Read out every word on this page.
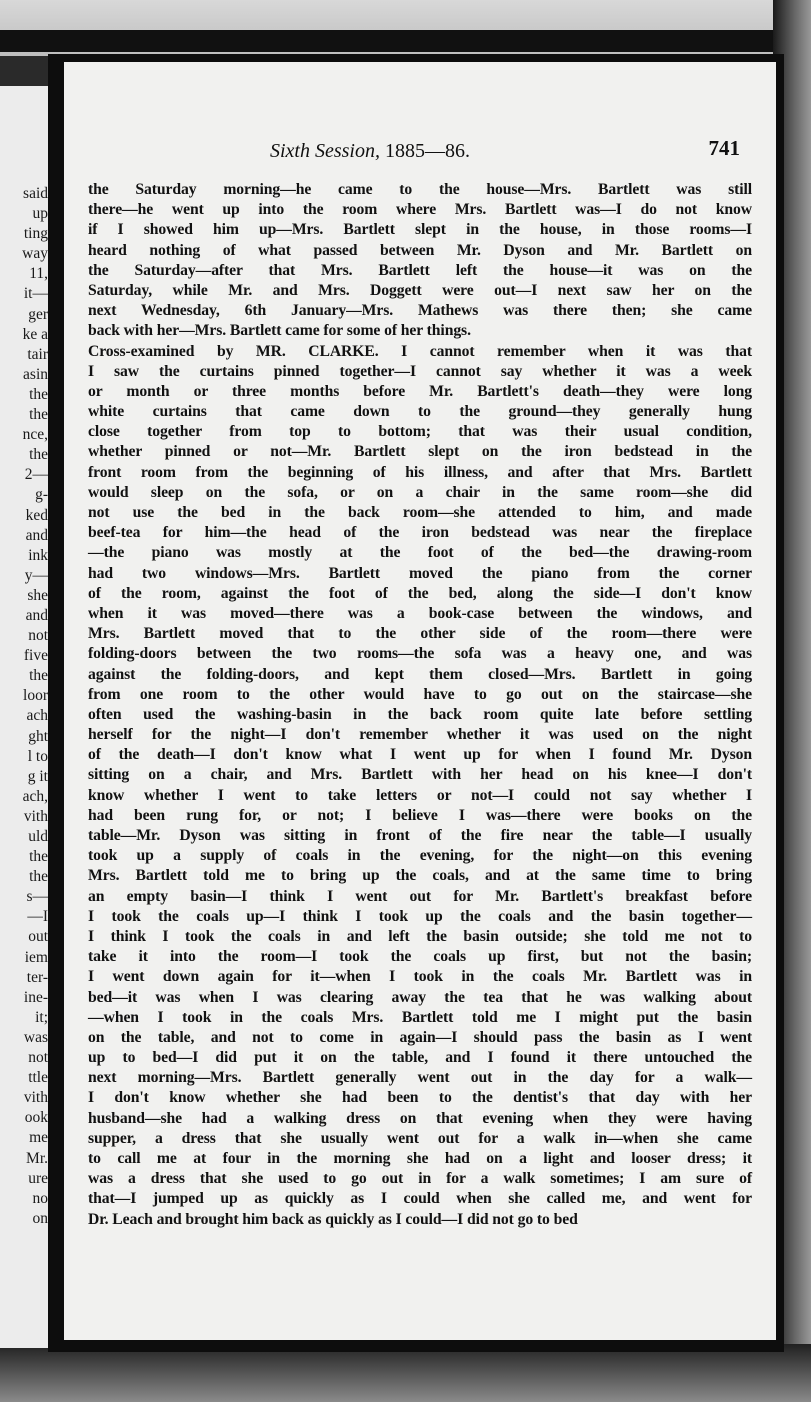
said
up
ting
way
11,
it—
ger
ke a
tair
asin
the
the
nce,
the
2—
g-
ked
and
ink
y—
she
and
not
five
the
loor
ach
ght
l to
g it
ach,
vith
uld
the
the
s—
—I
out
iem
ter-
ine-
it;
was
not
ttle
vith
ook
me
Mr.
ure
no
on
Sixth Session, 1885—86.	741
the Saturday morning—he came to the house—Mrs. Bartlett was still
there—he went up into the room where Mrs. Bartlett was—I do not know
if I showed him up—Mrs. Bartlett slept in the house, in those rooms—I
heard nothing of what passed between Mr. Dyson and Mr. Bartlett on
the Saturday—after that Mrs. Bartlett left the house—it was on the
Saturday, while Mr. and Mrs. Doggett were out—I next saw her on the
next Wednesday, 6th January—Mrs. Mathews was there then; she came
back with her—Mrs. Bartlett came for some of her things.
Cross-examined by MR. CLARKE. I cannot remember when it was that
I saw the curtains pinned together—I cannot say whether it was a week
or month or three months before Mr. Bartlett's death—they were long
white curtains that came down to the ground—they generally hung
close together from top to bottom; that was their usual condition,
whether pinned or not—Mr. Bartlett slept on the iron bedstead in the
front room from the beginning of his illness, and after that Mrs. Bartlett
would sleep on the sofa, or on a chair in the same room—she did
not use the bed in the back room—she attended to him, and made
beef-tea for him—the head of the iron bedstead was near the fireplace
—the piano was mostly at the foot of the bed—the drawing-room
had two windows—Mrs. Bartlett moved the piano from the corner
of the room, against the foot of the bed, along the side—I don't know
when it was moved—there was a book-case between the windows, and
Mrs. Bartlett moved that to the other side of the room—there were
folding-doors between the two rooms—the sofa was a heavy one, and was
against the folding-doors, and kept them closed—Mrs. Bartlett in going
from one room to the other would have to go out on the staircase—she
often used the washing-basin in the back room quite late before settling
herself for the night—I don't remember whether it was used on the night
of the death—I don't know what I went up for when I found Mr. Dyson
sitting on a chair, and Mrs. Bartlett with her head on his knee—I don't
know whether I went to take letters or not—I could not say whether I
had been rung for, or not; I believe I was—there were books on the
table—Mr. Dyson was sitting in front of the fire near the table—I usually
took up a supply of coals in the evening, for the night—on this evening
Mrs. Bartlett told me to bring up the coals, and at the same time to bring
an empty basin—I think I went out for Mr. Bartlett's breakfast before
I took the coals up—I think I took up the coals and the basin together—
I think I took the coals in and left the basin outside; she told me not to
take it into the room—I took the coals up first, but not the basin;
I went down again for it—when I took in the coals Mr. Bartlett was in
bed—it was when I was clearing away the tea that he was walking about
—when I took in the coals Mrs. Bartlett told me I might put the basin
on the table, and not to come in again—I should pass the basin as I went
up to bed—I did put it on the table, and I found it there untouched the
next morning—Mrs. Bartlett generally went out in the day for a walk—
I don't know whether she had been to the dentist's that day with her
husband—she had a walking dress on that evening when they were having
supper, a dress that she usually went out for a walk in—when she came
to call me at four in the morning she had on a light and looser dress; it
was a dress that she used to go out in for a walk sometimes; I am sure of
that—I jumped up as quickly as I could when she called me, and went for
Dr. Leach and brought him back as quickly as I could—I did not go to bed
